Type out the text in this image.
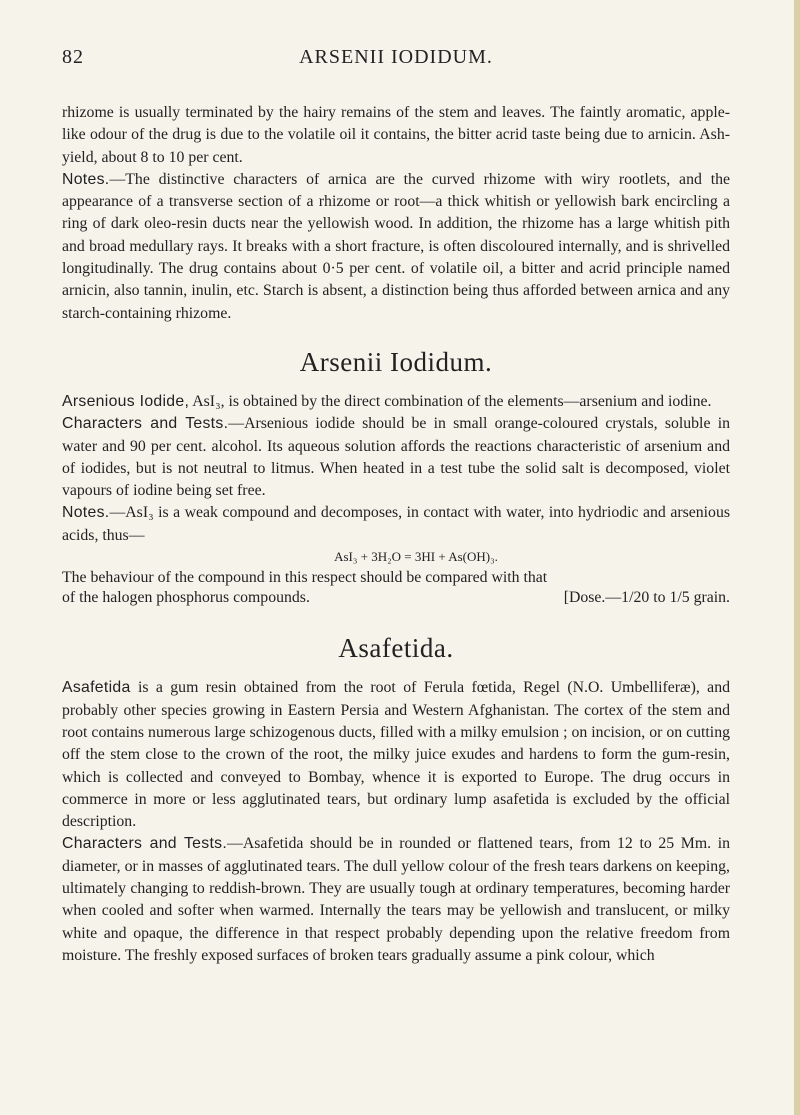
82	ARSENII IODIDUM.

rhizome is usually terminated by the hairy remains of the stem and leaves. The faintly aromatic, apple-like odour of the drug is due to the volatile oil it contains, the bitter acrid taste being due to arnicin. Ash-yield, about 8 to 10 per cent.

Notes.—The distinctive characters of arnica are the curved rhizome with wiry rootlets, and the appearance of a transverse section of a rhizome or root—a thick whitish or yellowish bark encircling a ring of dark oleo-resin ducts near the yellowish wood. In addition, the rhizome has a large whitish pith and broad medullary rays. It breaks with a short fracture, is often discoloured internally, and is shrivelled longitudinally. The drug contains about 0·5 per cent. of volatile oil, a bitter and acrid principle named arnicin, also tannin, inulin, etc. Starch is absent, a distinction being thus afforded between arnica and any starch-containing rhizome.

Arsenii Iodidum.

Arsenious Iodide, AsI₃, is obtained by the direct combination of the elements—arsenium and iodine.

Characters and Tests.—Arsenious iodide should be in small orange-coloured crystals, soluble in water and 90 per cent. alcohol. Its aqueous solution affords the reactions characteristic of arsenium and of iodides, but is not neutral to litmus. When heated in a test tube the solid salt is decomposed, violet vapours of iodine being set free.

Notes.—AsI₃ is a weak compound and decomposes, in contact with water, into hydriodic and arsenious acids, thus—

AsI₃ + 3H₂O = 3HI + As(OH)₃.

The behaviour of the compound in this respect should be compared with that

of the halogen phosphorus compounds.	[Dose.—1/20 to 1/5 grain.
Asafetida.

Asafetida is a gum resin obtained from the root of Ferula fœtida, Regel (N.O. Umbelliferæ), and probably other species growing in Eastern Persia and Western Afghanistan. The cortex of the stem and root contains numerous large schizogenous ducts, filled with a milky emulsion ; on incision, or on cutting off the stem close to the crown of the root, the milky juice exudes and hardens to form the gum-resin, which is collected and conveyed to Bombay, whence it is exported to Europe. The drug occurs in commerce in more or less agglutinated tears, but ordinary lump asafetida is excluded by the official description.

Characters and Tests.—Asafetida should be in rounded or flattened tears, from 12 to 25 Mm. in diameter, or in masses of agglutinated tears. The dull yellow colour of the fresh tears darkens on keeping, ultimately changing to reddish-brown. They are usually tough at ordinary temperatures, becoming harder when cooled and softer when warmed. Internally the tears may be yellowish and translucent, or milky white and opaque, the difference in that respect probably depending upon the relative freedom from moisture. The freshly exposed surfaces of broken tears gradually assume a pink colour, which
